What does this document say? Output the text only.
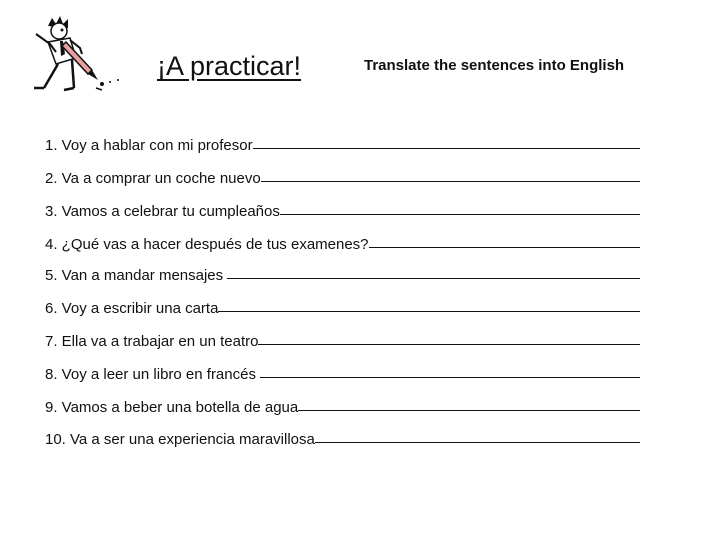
¡A practicar!	Translate the sentences into English
1. Voy a hablar con mi profesor
2. Va a comprar un coche nuevo
3. Vamos a celebrar tu cumpleaños
4. ¿Qué vas a hacer después de tus examenes?
5. Van a mandar mensajes
6. Voy a escribir una carta
7. Ella va a trabajar en un teatro
8. Voy a leer un libro en francés
9. Vamos a beber una botella de agua
10. Va a ser una experiencia maravillosa
